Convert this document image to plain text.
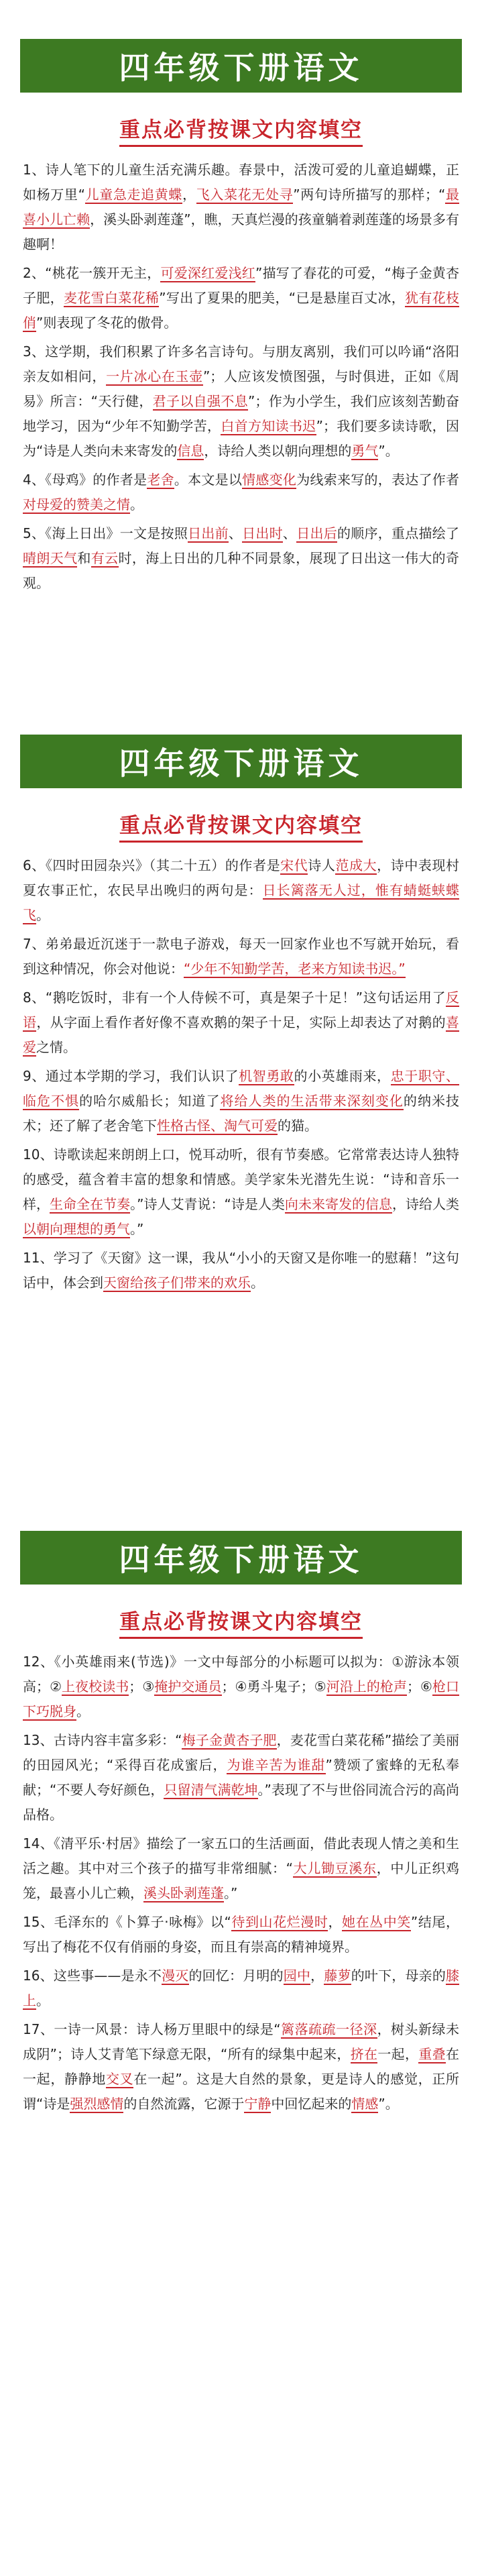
四年级下册语文
重点必背按课文内容填空
1、诗人笔下的儿童生活充满乐趣。春景中，活泼可爱的儿童追蝴蝶，正如杨万里“儿童急走追黄蝶，飞入菜花无处寻”两句诗所描写的那样；“最喜小儿亡赖，溪头卧剥莲蓬”，瞧，天真烂漫的孩童躺着剥莲蓬的场景多有趣啊！
2、“桃花一簇开无主，可爱深红爱浅红”描写了春花的可爱，“梅子金黄杏子肥，麦花雪白菜花稀”写出了夏果的肥美，“已是悬崖百丈冰，犹有花枝俏”则表现了冬花的傲骨。
3、这学期，我们积累了许多名言诗句。与朋友离别，我们可以吟诵“洛阳亲友如相问，一片冰心在玉壶”；人应该发愤图强，与时俱进，正如《周易》所言：“天行健，君子以自强不息”；作为小学生，我们应该刻苦勤奋地学习，因为“少年不知勤学苦，白首方知读书迟”；我们要多读诗歌，因为“诗是人类向未来寄发的信息，诗给人类以朝向理想的勇气”。
4、《母鸡》的作者是老舍。本文是以情感变化为线索来写的，表达了作者对母爱的赞美之情。
5、《海上日出》一文是按照日出前、日出时、日出后的顺序，重点描绘了晴朗天气和有云时，海上日出的几种不同景象，展现了日出这一伟大的奇观。
四年级下册语文
重点必背按课文内容填空
6、《四时田园杂兴》（其二十五）的作者是宋代诗人范成大，诗中表现村夏农事正忙，农民早出晚归的两句是：日长篱落无人过，惟有蜻蜓蛱蝶飞。
7、弟弟最近沉迷于一款电子游戏，每天一回家作业也不写就开始玩，看到这种情况，你会对他说：“少年不知勤学苦，老来方知读书迟。”
8、“鹅吃饭时，非有一个人侍候不可，真是架子十足！”这句话运用了反语，从字面上看作者好像不喜欢鹅的架子十足，实际上却表达了对鹅的喜爱之情。
9、通过本学期的学习，我们认识了机智勇敢的小英雄雨来，忠于职守、临危不惧的哈尔威船长；知道了将给人类的生活带来深刻变化的纳米技术；还了解了老舍笔下性格古怪、淘气可爱的猫。
10、诗歌读起来朗朗上口，悦耳动听，很有节奏感。它常常表达诗人独特的感受，蕴含着丰富的想象和情感。美学家朱光潜先生说：“诗和音乐一样，生命全在节奏。”诗人艾青说：“诗是人类向未来寄发的信息，诗给人类以朝向理想的勇气。”
11、学习了《天窗》这一课，我从“小小的天窗又是你唯一的慰藉！”这句话中，体会到天窗给孩子们带来的欢乐。
四年级下册语文
重点必背按课文内容填空
12、《小英雄雨来(节选)》一文中每部分的小标题可以拟为：①游泳本领高；②上夜校读书；③掩护交通员；④勇斗鬼子；⑤河沿上的枪声；⑥枪口下巧脱身。
13、古诗内容丰富多彩：“梅子金黄杏子肥，麦花雪白菜花稀”描绘了美丽的田园风光；“采得百花成蜜后，为谁辛苦为谁甜”赞颂了蜜蜂的无私奉献；“不要人夸好颜色，只留清气满乾坤。”表现了不与世俗同流合污的高尚品格。
14、《清平乐·村居》描绘了一家五口的生活画面，借此表现人情之美和生活之趣。其中对三个孩子的描写非常细腻：“大儿锄豆溪东，中儿正织鸡笼，最喜小儿亡赖，溪头卧剥莲蓬。”
15、毛泽东的《卜算子·咏梅》以“待到山花烂漫时，她在丛中笑”结尾，写出了梅花不仅有俏丽的身姿，而且有崇高的精神境界。
16、这些事——是永不漫灭的回忆：月明的园中，藤萝的叶下，母亲的膝上。
17、一诗一风景：诗人杨万里眼中的绿是“篱落疏疏一径深，树头新绿未成阴”；诗人艾青笔下绿意无限，“所有的绿集中起来，挤在一起，重叠在一起，静静地交叉在一起”。这是大自然的景象，更是诗人的感觉，正所谓“诗是强烈感情的自然流露，它源于宁静中回忆起来的情感”。
